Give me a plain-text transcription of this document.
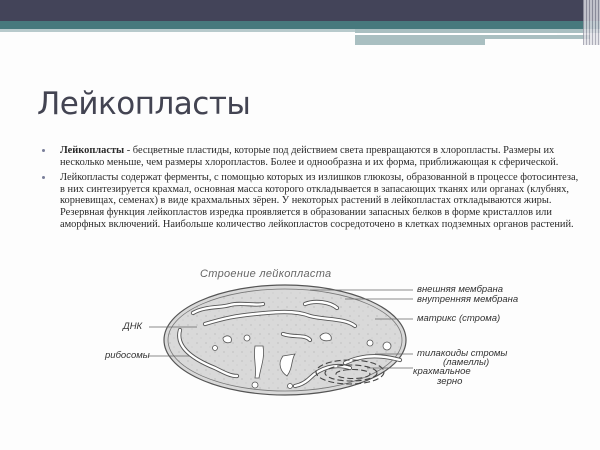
Лейкопласты
Лейкопласты - бесцветные пластиды, которые под действием света превращаются в хлоропласты. Размеры их несколько меньше, чем размеры хлоропластов. Более и однообразна и их форма, приближающая к сферической.
Лейкопласты содержат ферменты, с помощью которых из излишков глюкозы, образованной в процессе фотосинтеза, в них синтезируется крахмал, основная масса которого откладывается в запасающих тканях или органах (клубнях, корневищах, семенах) в виде крахмальных зёрен. У некоторых растений в лейкопластах откладываются жиры. Резервная функция лейкопластов изредка проявляется в образовании запасных белков в форме кристаллов или аморфных включений. Наибольше количество лейкопластов сосредоточено в клетках подземных органов растений.
Строение лейкопласта
внешняя мембрана
внутренняя мембрана
матрикс (строма)
тилакоиды стромы
(ламеллы)
крахмальное
зерно
ДНК
рибосомы
